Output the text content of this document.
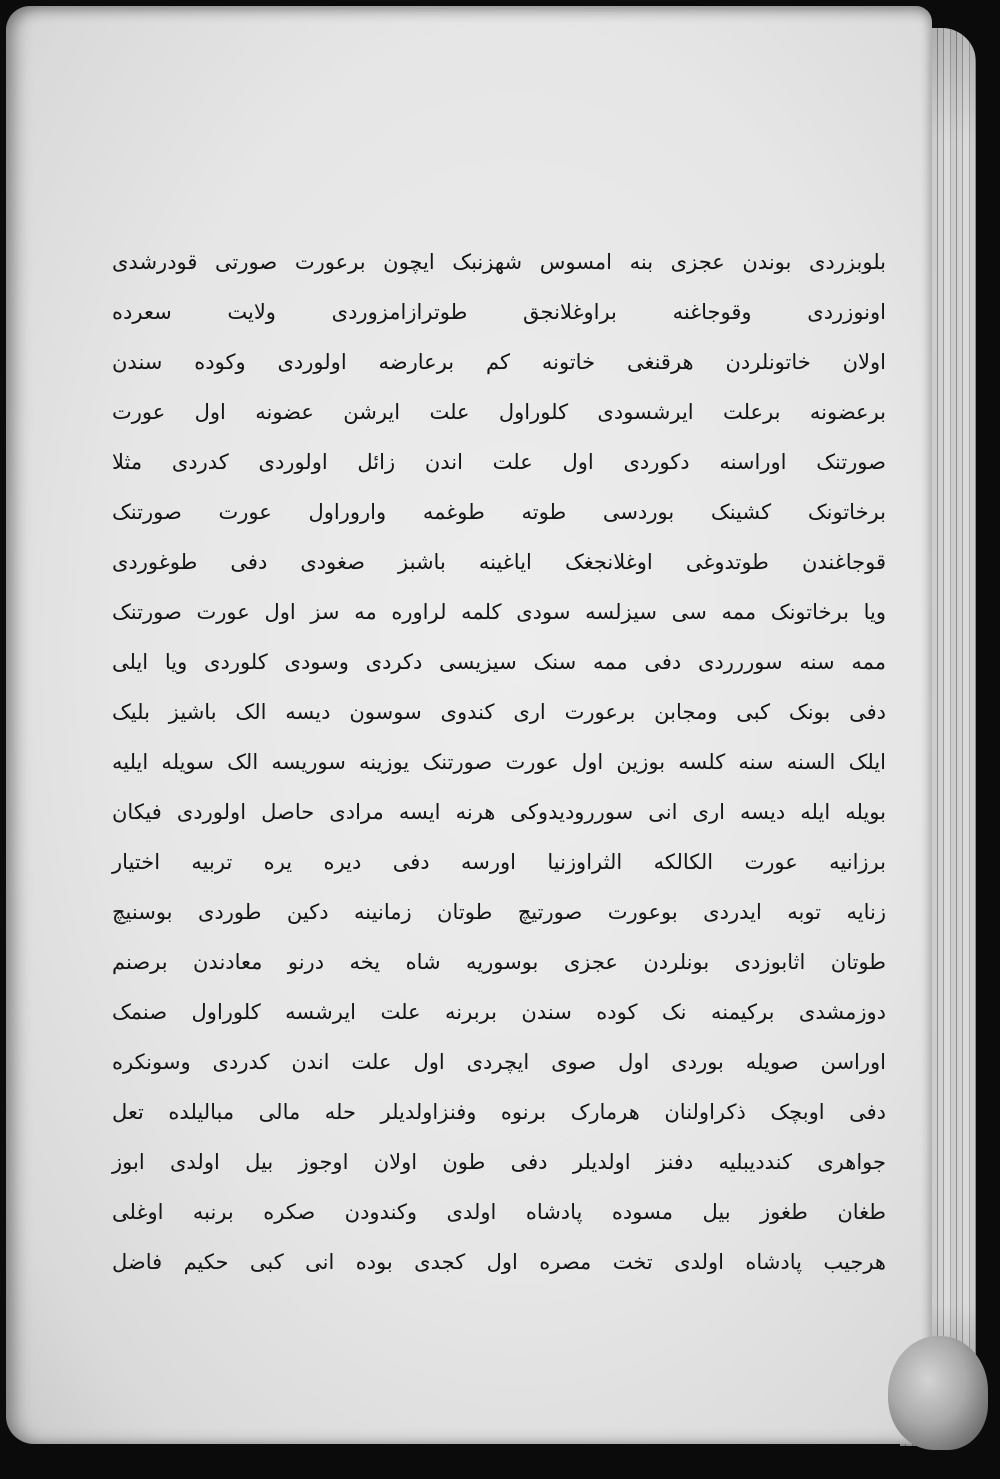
بلوبزردی بوندن عجزی بنه امسوس شهزنبک ایچون برعورت صورتی قودرشدی
اونوزردی وقوجاغنه براوغلانجق طوترازامزوردی ولایت سعرده
اولان خاتونلردن هرقنغی خاتونه کم برعارضه اولوردی وکوده سندن
برعضونه برعلت ایرشسودی کلوراول علت ایرشن عضونه اول عورت
صورتنک اوراسنه دکوردی اول علت اندن زائل اولوردی کدردی مثلا
برخاتونک کشینک بوردسی طوته طوغمه واروراول عورت صورتنک
قوجاغندن طوتدوغی اوغلانجغک ایاغینه باشبز صغودی دفی طوغوردی
ویا برخاتونک ممه سی سیزلسه سودی کلمه لراوره مه سز اول عورت صورتنک
ممه سنه سوررردی دفی ممه سنک سیزیسی دکردی وسودی کلوردی ویا ایلی
دفی بونک کبی ومجابن برعورت اری کندوی سوسون دیسه الک باشیز بلیک
ایلک السنه سنه کلسه بوزین اول عورت صورتنک یوزینه سوریسه الک سویله ایلیه
بویله ایله دیسه اری انی سوررودیدوکی هرنه ایسه مرادی حاصل اولوردی فیکان
برزانیه عورت الکالکه الثراوزنیا اورسه دفی دیره یره تربیه اختیار
زنایه توبه ایدردی بوعورت صورتیچ طوتان زمانینه دکین طوردی بوسنیچ
طوتان اثابوزدی بونلردن عجزی بوسوریه شاه یخه درنو معادندن برصنم
دوزمشدی برکیمنه نک کوده سندن بربرنه علت ایرشسه کلوراول صنمک
اوراسن صویله بوردی اول صوی ایچردی اول علت اندن کدردی وسونکره
دفی اوبچک ذکراولنان هرمارک برنوه وفنزاولدیلر حله مالی مبالیلده تعل
جواهری کنددیبلیه دفنز اولدیلر دفی طون اولان اوجوز بیل اولدی ابوز
طغان طغوز بیل مسوده پادشاه اولدی وکندودن صکره برنبه اوغلی
هرجیب پادشاه اولدی تخت مصره اول کجدی بوده انی کبی حکیم فاضل
